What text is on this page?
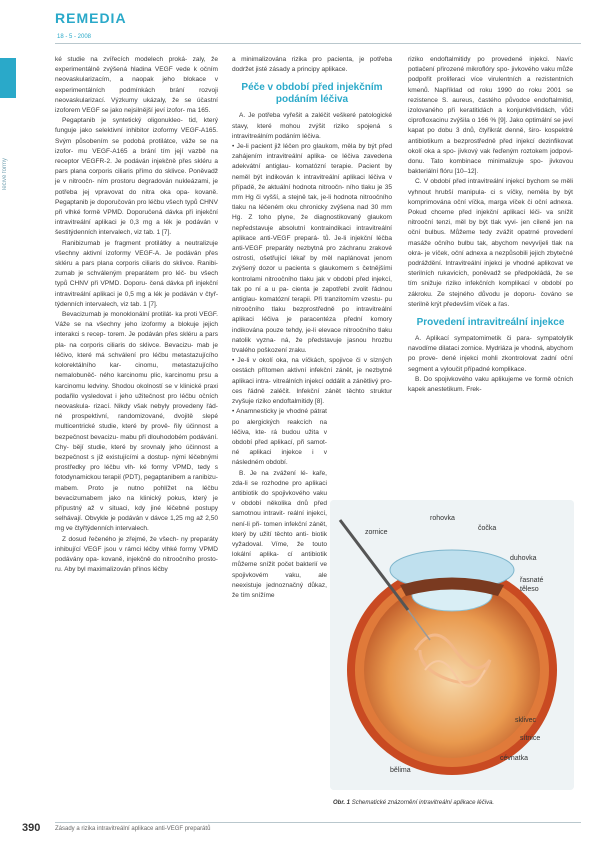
REMEDIA
18 - 5 - 2008
léčivé formy

ké studie na zvířecích modelech proká- zaly, že experimentálně zvýšená hladina VEGF vede k očním neovaskularizacím, a naopak jeho blokace v experimentálních podmínkách brání rozvoji neovaskularizací. Výzkumy ukázaly, že se účastní izoforem VEGF se jako nejsilnější jeví izofor- ma 165.

Pegaptanib je syntetický oligonukleo- tid, který funguje jako selektivní inhibitor izoformy VEGF-A165. Svým působením se podobá protilátce, váže se na izofor- mu VEGF-A165 a brání tím její vazbě na receptor VEGFR-2. Je podáván injekčně přes skléru a pars plana corporis ciliaris přímo do sklivce. Poněvadž je v nitroočn- ním prostoru degradován nukleázami, je potřeba jej vpravovat do nitra oka opa- kovaně. Pegaptanib je doporučován pro léčbu všech typů CHNV při vlhké formě VPMD. Doporučená dávka při injekční intravitreální aplikaci je 0,3 mg a lék je podáván v šestitýdenních intervalech, viz tab. 1 [7].

Ranibizumab je fragment protilátky a neutralizuje všechny aktivní izoformy VEGF-A. Je podáván přes skléru a pars plana corporis ciliaris do sklivce. Ranibi- zumab je schváleným preparátem pro léč- bu všech typů CHNV při VPMD. Doporu- čená dávka při injekční intravitreální aplikaci je 0,5 mg a lék je podáván v čtyř- týdenních intervalech, viz tab. 1 [7].

Bevacizumab je monoklonální protilát- ka proti VEGF. Váže se na všechny jeho izoformy a blokuje jejich interakci s recep- torem. Je podáván přes skléru a pars pla- na corporis ciliaris do sklivce. Bevacizu- mab je léčivo, které má schválení pro léčbu metastazujícího kolorektálního kar- cinomu, metastazujícího nemalobuněč- ného karcinomu plic, karcinomu prsu a karcinomu ledviny. Shodou okolností se v klinické praxi podařilo vysledovat i jeho užitečnost pro léčbu očních neovaskula- rizací. Nikdy však nebyly provedeny řád- né prospektivní, randomizované, dvojitě slepé multicentrické studie, které by prově- řily účinnost a bezpečnost bevacizu- mabu při dlouhodobém podávání. Chy- bějí studie, které by srovnaly jeho účinnost a bezpečnost s již existujícími a dostup- nými léčebnými prostředky pro léčbu vlh- ké formy VPMD, tedy s fotodynamickou terapií (PDT), pegaptanibem a ranibizu- mabem. Proto je nutno pohlížet na léčbu bevacizumabem jako na klinický pokus, který je přípustný až v situaci, kdy jiné léčebné postupy selhávají. Obvykle je podáván v dávce 1,25 mg až 2,50 mg ve čtyřtýdenních intervalech.

Z dosud řečeného je zřejmé, že všech- ny preparáty inhibující VEGF jsou v rámci léčby vlhké formy VPMD podávány opa- kovaně, injekčně do nitroočního prosto- ru. Aby byl maximalizován přínos léčby

a minimalizována rizika pro pacienta, je potřeba dodržet jisté zásady a principy aplikace.

Péče v období před injekčním podáním léčiva

A. Je potřeba vyřešit a zaléčit veškeré patologické stavy, které mohou zvýšit riziko spojená s intravitreálním podáním léčiva.

• Je-li pacient již léčen pro glaukom, měla by být před zahájením intravitreální aplika- ce léčiva zavedena adekvátní antiglau- komatózní terapie. Pacient by neměl být indikován k intravitreální aplikaci léčiva v případě, že aktuální hodnota nitroočn- ního tlaku je 35 mm Hg či vyšší, a stejně tak, je-li hodnota nitroočního tlaku na léčeném oku chronicky zvýšena nad 30 mm Hg. Z toho plyne, že diagnostikovaný glaukom nepředstavuje absolutní kontraindikaci intravitreální aplikace anti-VEGF prepará- tů. Je-li injekční léčba anti-VEGF preparáty nezbytná pro záchranu zrakové ostrosti, ošetřující lékař by měl naplánovat jenom zvýšený dozor u pacienta s glaukomem s četnějšími kontrolami nitroočního tlaku jak v období před injekcí, tak po ní a u pa- cienta je zapotřebí zvolit řádnou antiglau- komatózní terapii. Při tranzitorním vzestu- pu nitroočního tlaku bezprostředně po intravitreální aplikaci léčiva je paracentéza přední komory indikována pouze tehdy, je-li elevace nitroočního tlaku natolik vyzna- ná, že představuje jasnou hrozbu trvalého poškození zraku.

• Je-li v okolí oka, na víčkách, spojivce či v slzných cestách přítomen aktivní infekční zánět, je nezbytné aplikaci intra- vitreálních injekcí oddálit a zánětlivý pro- ces řádně zaléčit. Infekční zánět těchto struktur zvyšuje riziko endoftalmitidy [8].

• Anamnesticky je vhodné pátrat po alergických reakcích na léčiva, kte- rá budou užita v období před aplikací, při samot- né aplikaci injekce i v následném období.

B. Je na zvážení lé- kaře, zda-li se rozhodne pro aplikaci antibiotik do spojivkového vaku v období několika dnů před samotnou intravit- reální injekcí, není-li při- tomen infekční zánět, který by užití těchto anti- biotik vyžadoval. Víme, že touto lokální aplika- cí antibiotik můžeme snížit počet bakterií ve spojivkovém vaku, ale neexistuje jednoznačný důkaz, že tím snížíme

riziko endoftalmitidy po provedené injekci. Navíc potlačení přirozené mikroflóry spo- jivkového vaku může podpořit proliferaci více virulentních a rezistentních kmenů. Například od roku 1990 do roku 2001 se rezistence S. aureus, častého původce endoftalmitid, izolovaného při keratitidách a konjunktivitidách, vůči ciprofloxacinu zvýšila o 166 % [9]. Jako optimální se jeví kapat po dobu 3 dnů, čtyřikrát denně, širo- kospektré antibiotikum a bezprostředně před injekcí dezinfikovat okolí oka a spo- jivkový vak řeďeným roztokem jodpovi- donu. Tato kombinace minimalizuje spo- jivkovou bakteriální flóru [10–12].

C. V období před intravitreální injekcí bychom se měli vyhnout hrubší manipula- ci s víčky, neměla by být komprimována oční víčka, marga víček či oční adnexa. Pokud chceme před injekční aplikací léči- va snížit nitrooční tenzi, měl by být tlak vyvi- jen cíleně jen na oční bulbus. Můžeme tedy zvážit opatrné provedení masáže očního bulbu tak, abychom nevyvíjeli tlak na okra- je víček, oční adnexa a nezpůsobili jejich zbytečné podráždění. Intravitreální injekci je vhodné aplikovat ve sterilních rukavicích, poněvadž se předpokládá, že se tím snižuje riziko infekčních komplikací v období po zákroku. Ze stejného důvodu je doporu- čováno se sterilně krýt především víček a řas.

Provedení intravitreální injekce

A. Aplikací sympatomimetik či para- sympatolytik navodíme dilataci zornice. Mydriáza je vhodná, abychom po prove- dené injekci mohli zkontrolovat zadní oční segment a vyloučit případné komplikace.

B. Do spojivkového vaku aplikujeme ve formě očních kapek anestetikum. Frek-

zornice
rohovka
čočka
duhovka
řasnaté
těleso
sklivec
sítnice
cévnatka
bělima
Obr. 1 Schematické znázornění intravitreální aplikace léčiva.
390 Zásady a rizika intravitreální aplikace anti-VEGF preparátů
